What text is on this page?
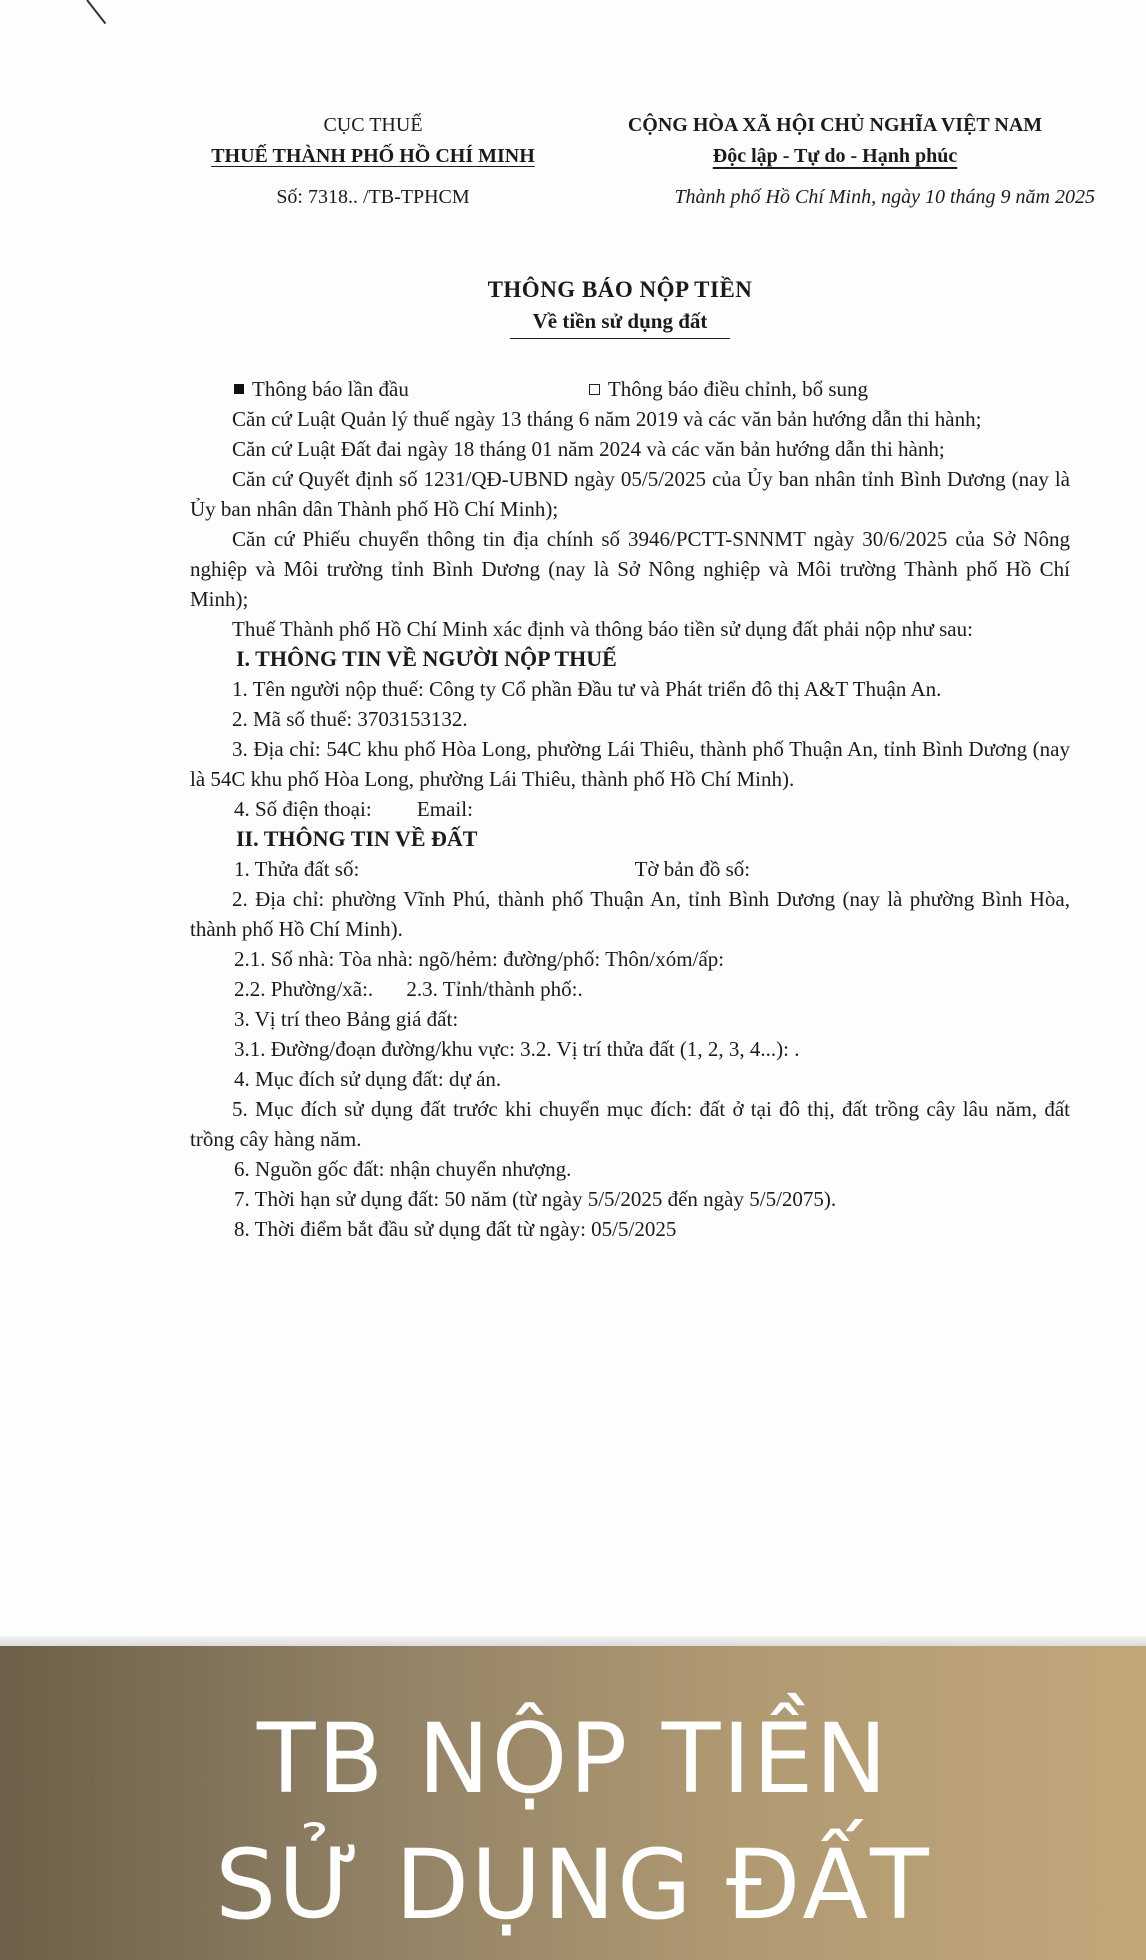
CỤC THUẾ
THUẾ THÀNH PHỐ HỒ CHÍ MINH
Số: 7318.. /TB-TPHCM
CỘNG HÒA XÃ HỘI CHỦ NGHĨA VIỆT NAM
Độc lập - Tự do - Hạnh phúc
Thành phố Hồ Chí Minh, ngày 10 tháng 9 năm 2025
THÔNG BÁO NỘP TIỀN
Về tiền sử dụng đất
Thông báo lần đầu	Thông báo điều chỉnh, bổ sung

Căn cứ Luật Quản lý thuế ngày 13 tháng 6 năm 2019 và các văn bản hướng dẫn thi hành;

Căn cứ Luật Đất đai ngày 18 tháng 01 năm 2024 và các văn bản hướng dẫn thi hành;

Căn cứ Quyết định số 1231/QĐ-UBND ngày 05/5/2025 của Ủy ban nhân tỉnh Bình Dương (nay là Ủy ban nhân dân Thành phố Hồ Chí Minh);

Căn cứ Phiếu chuyển thông tin địa chính số 3946/PCTT-SNNMT ngày 30/6/2025 của Sở Nông nghiệp và Môi trường tỉnh Bình Dương (nay là Sở Nông nghiệp và Môi trường Thành phố Hồ Chí Minh);

Thuế Thành phố Hồ Chí Minh xác định và thông báo tiền sử dụng đất phải nộp như sau:

I. THÔNG TIN VỀ NGƯỜI NỘP THUẾ

1. Tên người nộp thuế: Công ty Cổ phần Đầu tư và Phát triển đô thị A&T Thuận An.

2. Mã số thuế: 3703153132.

3. Địa chỉ: 54C khu phố Hòa Long, phường Lái Thiêu, thành phố Thuận An, tỉnh Bình Dương (nay là 54C khu phố Hòa Long, phường Lái Thiêu, thành phố Hồ Chí Minh).

4. Số điện thoại: Email:

II. THÔNG TIN VỀ ĐẤT

1. Thửa đất số:	Tờ bản đồ số:

2. Địa chỉ: phường Vĩnh Phú, thành phố Thuận An, tỉnh Bình Dương (nay là phường Bình Hòa, thành phố Hồ Chí Minh).

2.1. Số nhà: Tòa nhà: ngõ/hẻm: đường/phố: Thôn/xóm/ấp:

2.2. Phường/xã:. 2.3. Tỉnh/thành phố:.

3. Vị trí theo Bảng giá đất:

3.1. Đường/đoạn đường/khu vực: 3.2. Vị trí thửa đất (1, 2, 3, 4...): .

4. Mục đích sử dụng đất: dự án.

5. Mục đích sử dụng đất trước khi chuyển mục đích: đất ở tại đô thị, đất trồng cây lâu năm, đất trồng cây hàng năm.

6. Nguồn gốc đất: nhận chuyển nhượng.

7. Thời hạn sử dụng đất: 50 năm (từ ngày 5/5/2025 đến ngày 5/5/2075).

8. Thời điểm bắt đầu sử dụng đất từ ngày: 05/5/2025

TB NỘP TIỀN
SỬ DỤNG ĐẤT
